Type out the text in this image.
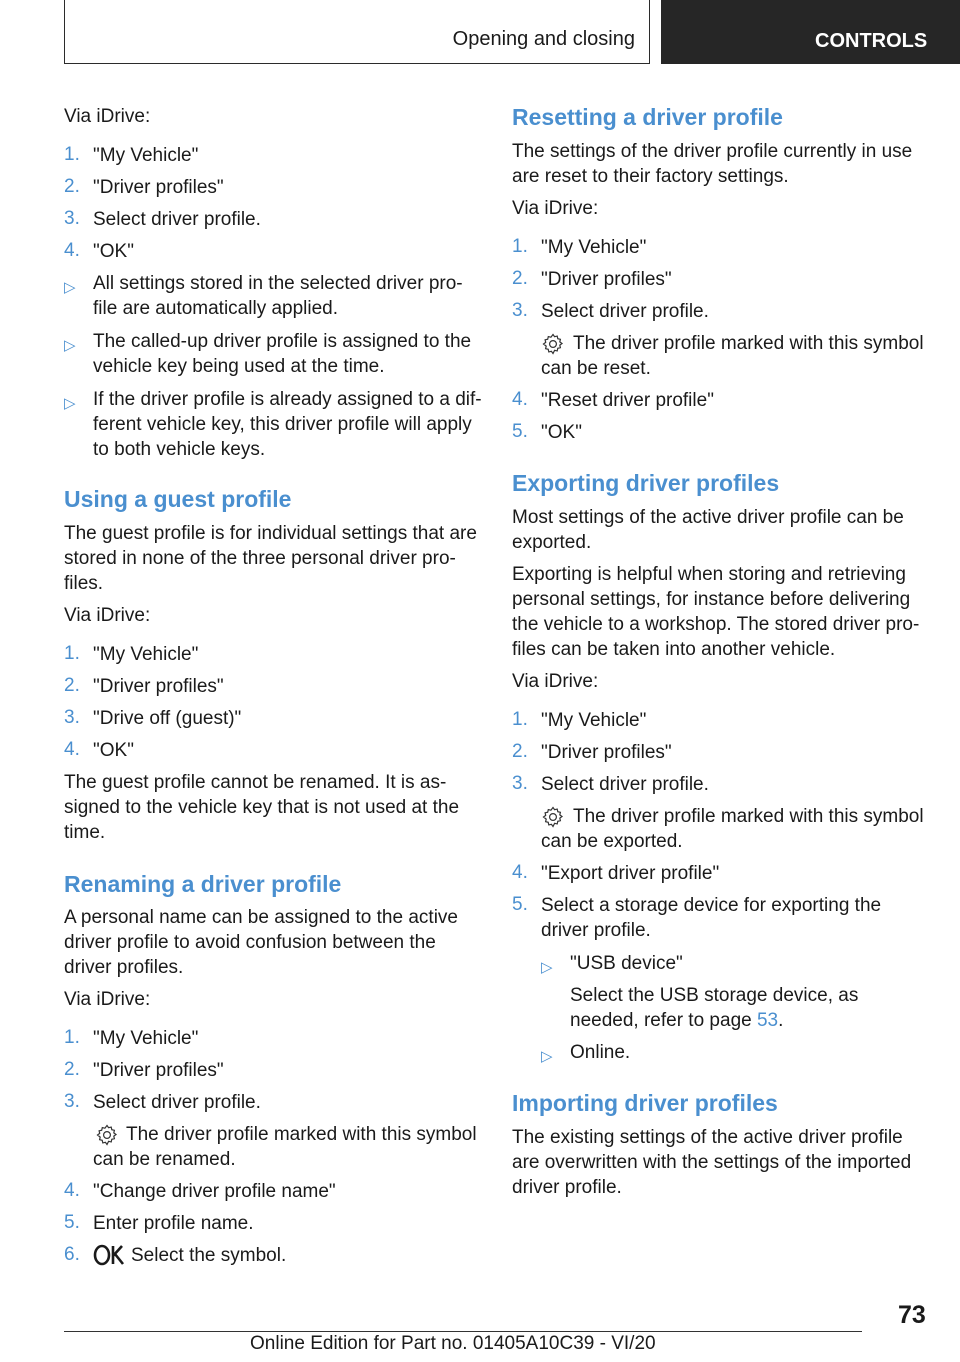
Opening and closing	CONTROLS
Via iDrive:
1. "My Vehicle"
2. "Driver profiles"
3. Select driver profile.
4. "OK"
▷ All settings stored in the selected driver pro‐
file are automatically applied.
▷ The called-up driver profile is assigned to the
vehicle key being used at the time.
▷ If the driver profile is already assigned to a dif‐
ferent vehicle key, this driver profile will apply
to both vehicle keys.
Using a guest profile
The guest profile is for individual settings that are
stored in none of the three personal driver pro‐
files.
Via iDrive:
1. "My Vehicle"
2. "Driver profiles"
3. "Drive off (guest)"
4. "OK"
The guest profile cannot be renamed. It is as‐
signed to the vehicle key that is not used at the
time.
Renaming a driver profile
A personal name can be assigned to the active
driver profile to avoid confusion between the
driver profiles.
Via iDrive:
1. "My Vehicle"
2. "Driver profiles"
3. Select driver profile.
The driver profile marked with this symbol
can be renamed.
4. "Change driver profile name"
5. Enter profile name.
6.	Select the symbol.
Resetting a driver profile
The settings of the driver profile currently in use
are reset to their factory settings.
Via iDrive:
1. "My Vehicle"
2. "Driver profiles"
3. Select driver profile.
The driver profile marked with this symbol
can be reset.
4. "Reset driver profile"
5. "OK"
Exporting driver profiles
Most settings of the active driver profile can be
exported.
Exporting is helpful when storing and retrieving
personal settings, for instance before delivering
the vehicle to a workshop. The stored driver pro‐
files can be taken into another vehicle.
Via iDrive:
1. "My Vehicle"
2. "Driver profiles"
3. Select driver profile.
The driver profile marked with this symbol
can be exported.
4. "Export driver profile"
5. Select a storage device for exporting the
driver profile.
▷ "USB device"
Select the USB storage device, as
needed, refer to page 53.
▷ Online.
Importing driver profiles
The existing settings of the active driver profile
are overwritten with the settings of the imported
driver profile.
73
Online Edition for Part no. 01405A10C39 - VI/20
